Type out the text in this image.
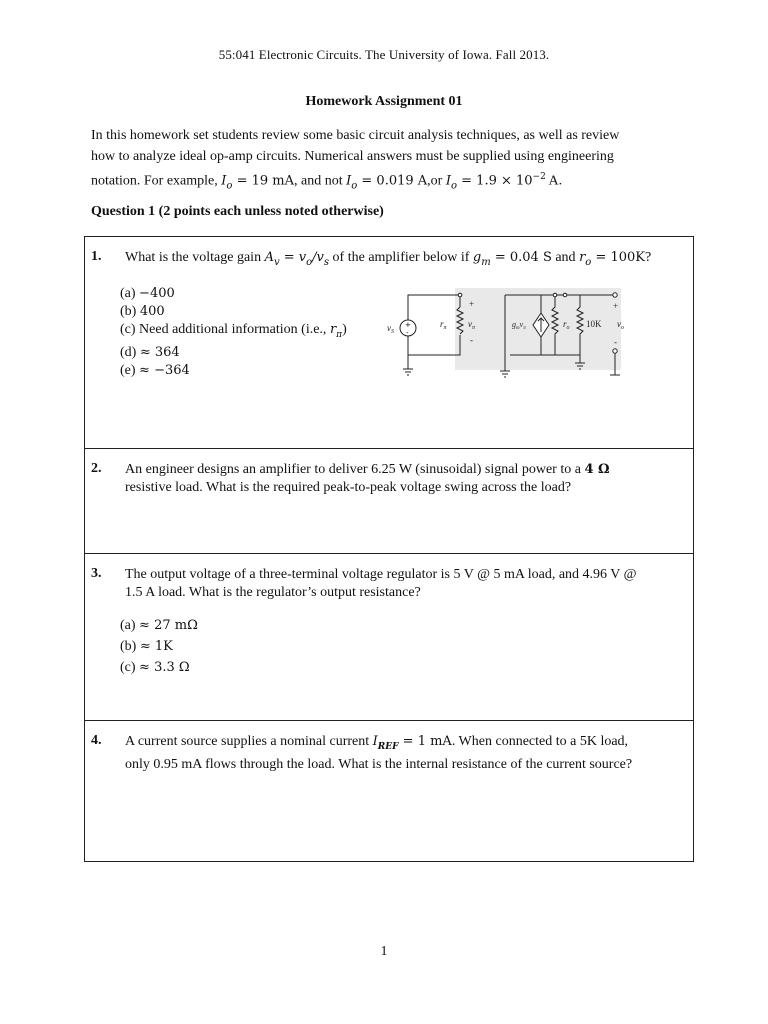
55:041 Electronic Circuits. The University of Iowa. Fall 2013.
Homework Assignment 01
In this homework set students review some basic circuit analysis techniques, as well as review
how to analyze ideal op-amp circuits. Numerical answers must be supplied using engineering
notation. For example, $I_o = 19$ mA, and not $I_o = 0.019$ A,or $I_o = 1.9 \times 10^{-2}$ A.
Question 1 (2 points each unless noted otherwise)
1. What is the voltage gain $A_v = v_o/v_s$ of the amplifier below if $g_m = 0.04$ S and $r_o = 100K$?
(a) −400
(b) 400
(c) Need additional information (i.e., $r_\pi$)
(d) ≈ 364
(e) ≈ −364
+
-
$v_S$
$r_\pi$ $v_\pi$
+
-
$g_mv_\pi$	$r_o$ 10K $v_o$
+
-

2. An engineer designs an amplifier to deliver 6.25 W (sinusoidal) signal power to a 4 Ω
resistive load. What is the required peak-to-peak voltage swing across the load?

3. The output voltage of a three-terminal voltage regulator is 5 V @ 5 mA load, and 4.96 V @
1.5 A load. What is the regulator’s output resistance?
(a) ≈ 27 mΩ
(b) ≈ 1K
(c) ≈ 3.3 Ω

4. A current source supplies a nominal current $I_{REF} = 1$ mA. When connected to a 5K load,
only 0.95 mA flows through the load. What is the internal resistance of the current source?
1
